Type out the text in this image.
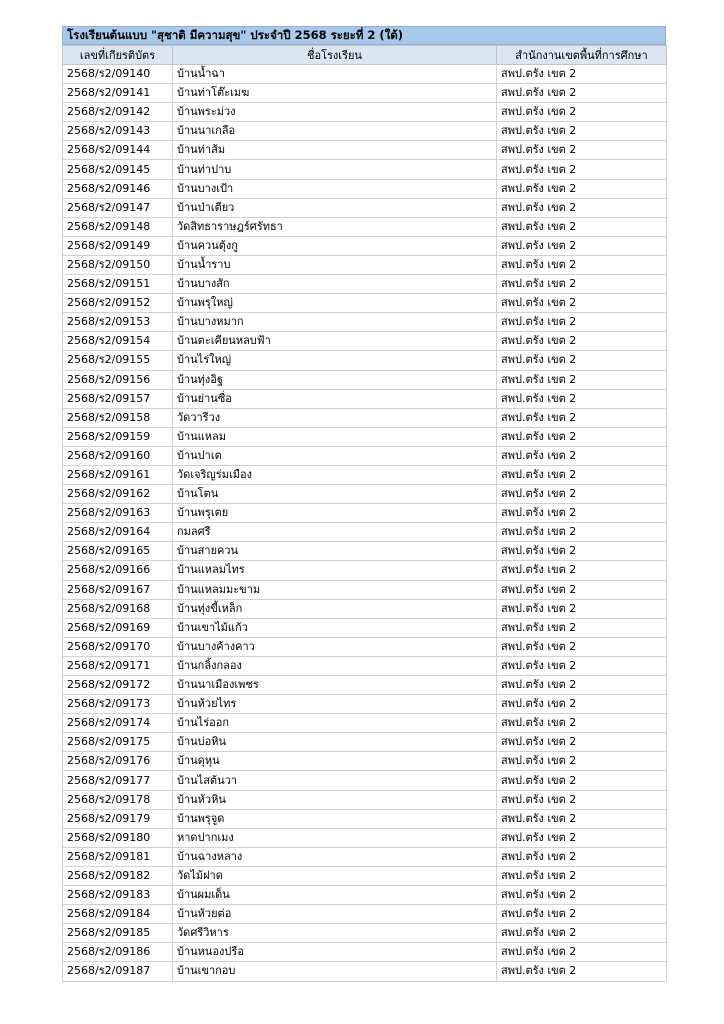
โรงเรียนต้นแบบ "สุชาติ มีความสุข" ประจำปี 2568 ระยะที่ 2 (ใต้)
เลขที่เกียรติบัตร	ชื่อโรงเรียน	สำนักงานเขตพื้นที่การศึกษา
2568/ร2/09140	บ้านน้ำฉา	สพป.ตรัง เขต 2
2568/ร2/09141	บ้านท่าโต๊ะเมฆ	สพป.ตรัง เขต 2
2568/ร2/09142	บ้านพระม่วง	สพป.ตรัง เขต 2
2568/ร2/09143	บ้านนาเกลือ	สพป.ตรัง เขต 2
2568/ร2/09144	บ้านท่าส้ม	สพป.ตรัง เขต 2
2568/ร2/09145	บ้านท่าปาบ	สพป.ตรัง เขต 2
2568/ร2/09146	บ้านบางเป้า	สพป.ตรัง เขต 2
2568/ร2/09147	บ้านป่าเตียว	สพป.ตรัง เขต 2
2568/ร2/09148	วัดสิทธาราษฎร์ศรัทธา	สพป.ตรัง เขต 2
2568/ร2/09149	บ้านควนตุ้งกู	สพป.ตรัง เขต 2
2568/ร2/09150	บ้านน้ำราบ	สพป.ตรัง เขต 2
2568/ร2/09151	บ้านบางสัก	สพป.ตรัง เขต 2
2568/ร2/09152	บ้านพรุใหญ่	สพป.ตรัง เขต 2
2568/ร2/09153	บ้านบางหมาก	สพป.ตรัง เขต 2
2568/ร2/09154	บ้านตะเคียนหลบฟ้า	สพป.ตรัง เขต 2
2568/ร2/09155	บ้านไร่ใหญ่	สพป.ตรัง เขต 2
2568/ร2/09156	บ้านทุ่งอิฐ	สพป.ตรัง เขต 2
2568/ร2/09157	บ้านย่านซื่อ	สพป.ตรัง เขต 2
2568/ร2/09158	วัดวารีวง	สพป.ตรัง เขต 2
2568/ร2/09159	บ้านแหลม	สพป.ตรัง เขต 2
2568/ร2/09160	บ้านปาเต	สพป.ตรัง เขต 2
2568/ร2/09161	วัดเจริญร่มเมือง	สพป.ตรัง เขต 2
2568/ร2/09162	บ้านโตน	สพป.ตรัง เขต 2
2568/ร2/09163	บ้านพรุเตย	สพป.ตรัง เขต 2
2568/ร2/09164	กมลศรี	สพป.ตรัง เขต 2
2568/ร2/09165	บ้านสายควน	สพป.ตรัง เขต 2
2568/ร2/09166	บ้านแหลมไทร	สพป.ตรัง เขต 2
2568/ร2/09167	บ้านแหลมมะขาม	สพป.ตรัง เขต 2
2568/ร2/09168	บ้านทุ่งขี้เหล็ก	สพป.ตรัง เขต 2
2568/ร2/09169	บ้านเขาไม้แก้ว	สพป.ตรัง เขต 2
2568/ร2/09170	บ้านบางค้างคาว	สพป.ตรัง เขต 2
2568/ร2/09171	บ้านกลิ้งกลอง	สพป.ตรัง เขต 2
2568/ร2/09172	บ้านนาเมืองเพชร	สพป.ตรัง เขต 2
2568/ร2/09173	บ้านห้วยไทร	สพป.ตรัง เขต 2
2568/ร2/09174	บ้านไร่ออก	สพป.ตรัง เขต 2
2568/ร2/09175	บ้านบ่อหิน	สพป.ตรัง เขต 2
2568/ร2/09176	บ้านดุหุน	สพป.ตรัง เขต 2
2568/ร2/09177	บ้านไสต้นวา	สพป.ตรัง เขต 2
2568/ร2/09178	บ้านหัวหิน	สพป.ตรัง เขต 2
2568/ร2/09179	บ้านพรุจูด	สพป.ตรัง เขต 2
2568/ร2/09180	หาดปากเมง	สพป.ตรัง เขต 2
2568/ร2/09181	บ้านฉางหลาง	สพป.ตรัง เขต 2
2568/ร2/09182	วัดไม้ฝาด	สพป.ตรัง เขต 2
2568/ร2/09183	บ้านผมเด็น	สพป.ตรัง เขต 2
2568/ร2/09184	บ้านห้วยต่อ	สพป.ตรัง เขต 2
2568/ร2/09185	วัดศรีวิหาร	สพป.ตรัง เขต 2
2568/ร2/09186	บ้านหนองปรือ	สพป.ตรัง เขต 2
2568/ร2/09187	บ้านเขากอบ	สพป.ตรัง เขต 2
